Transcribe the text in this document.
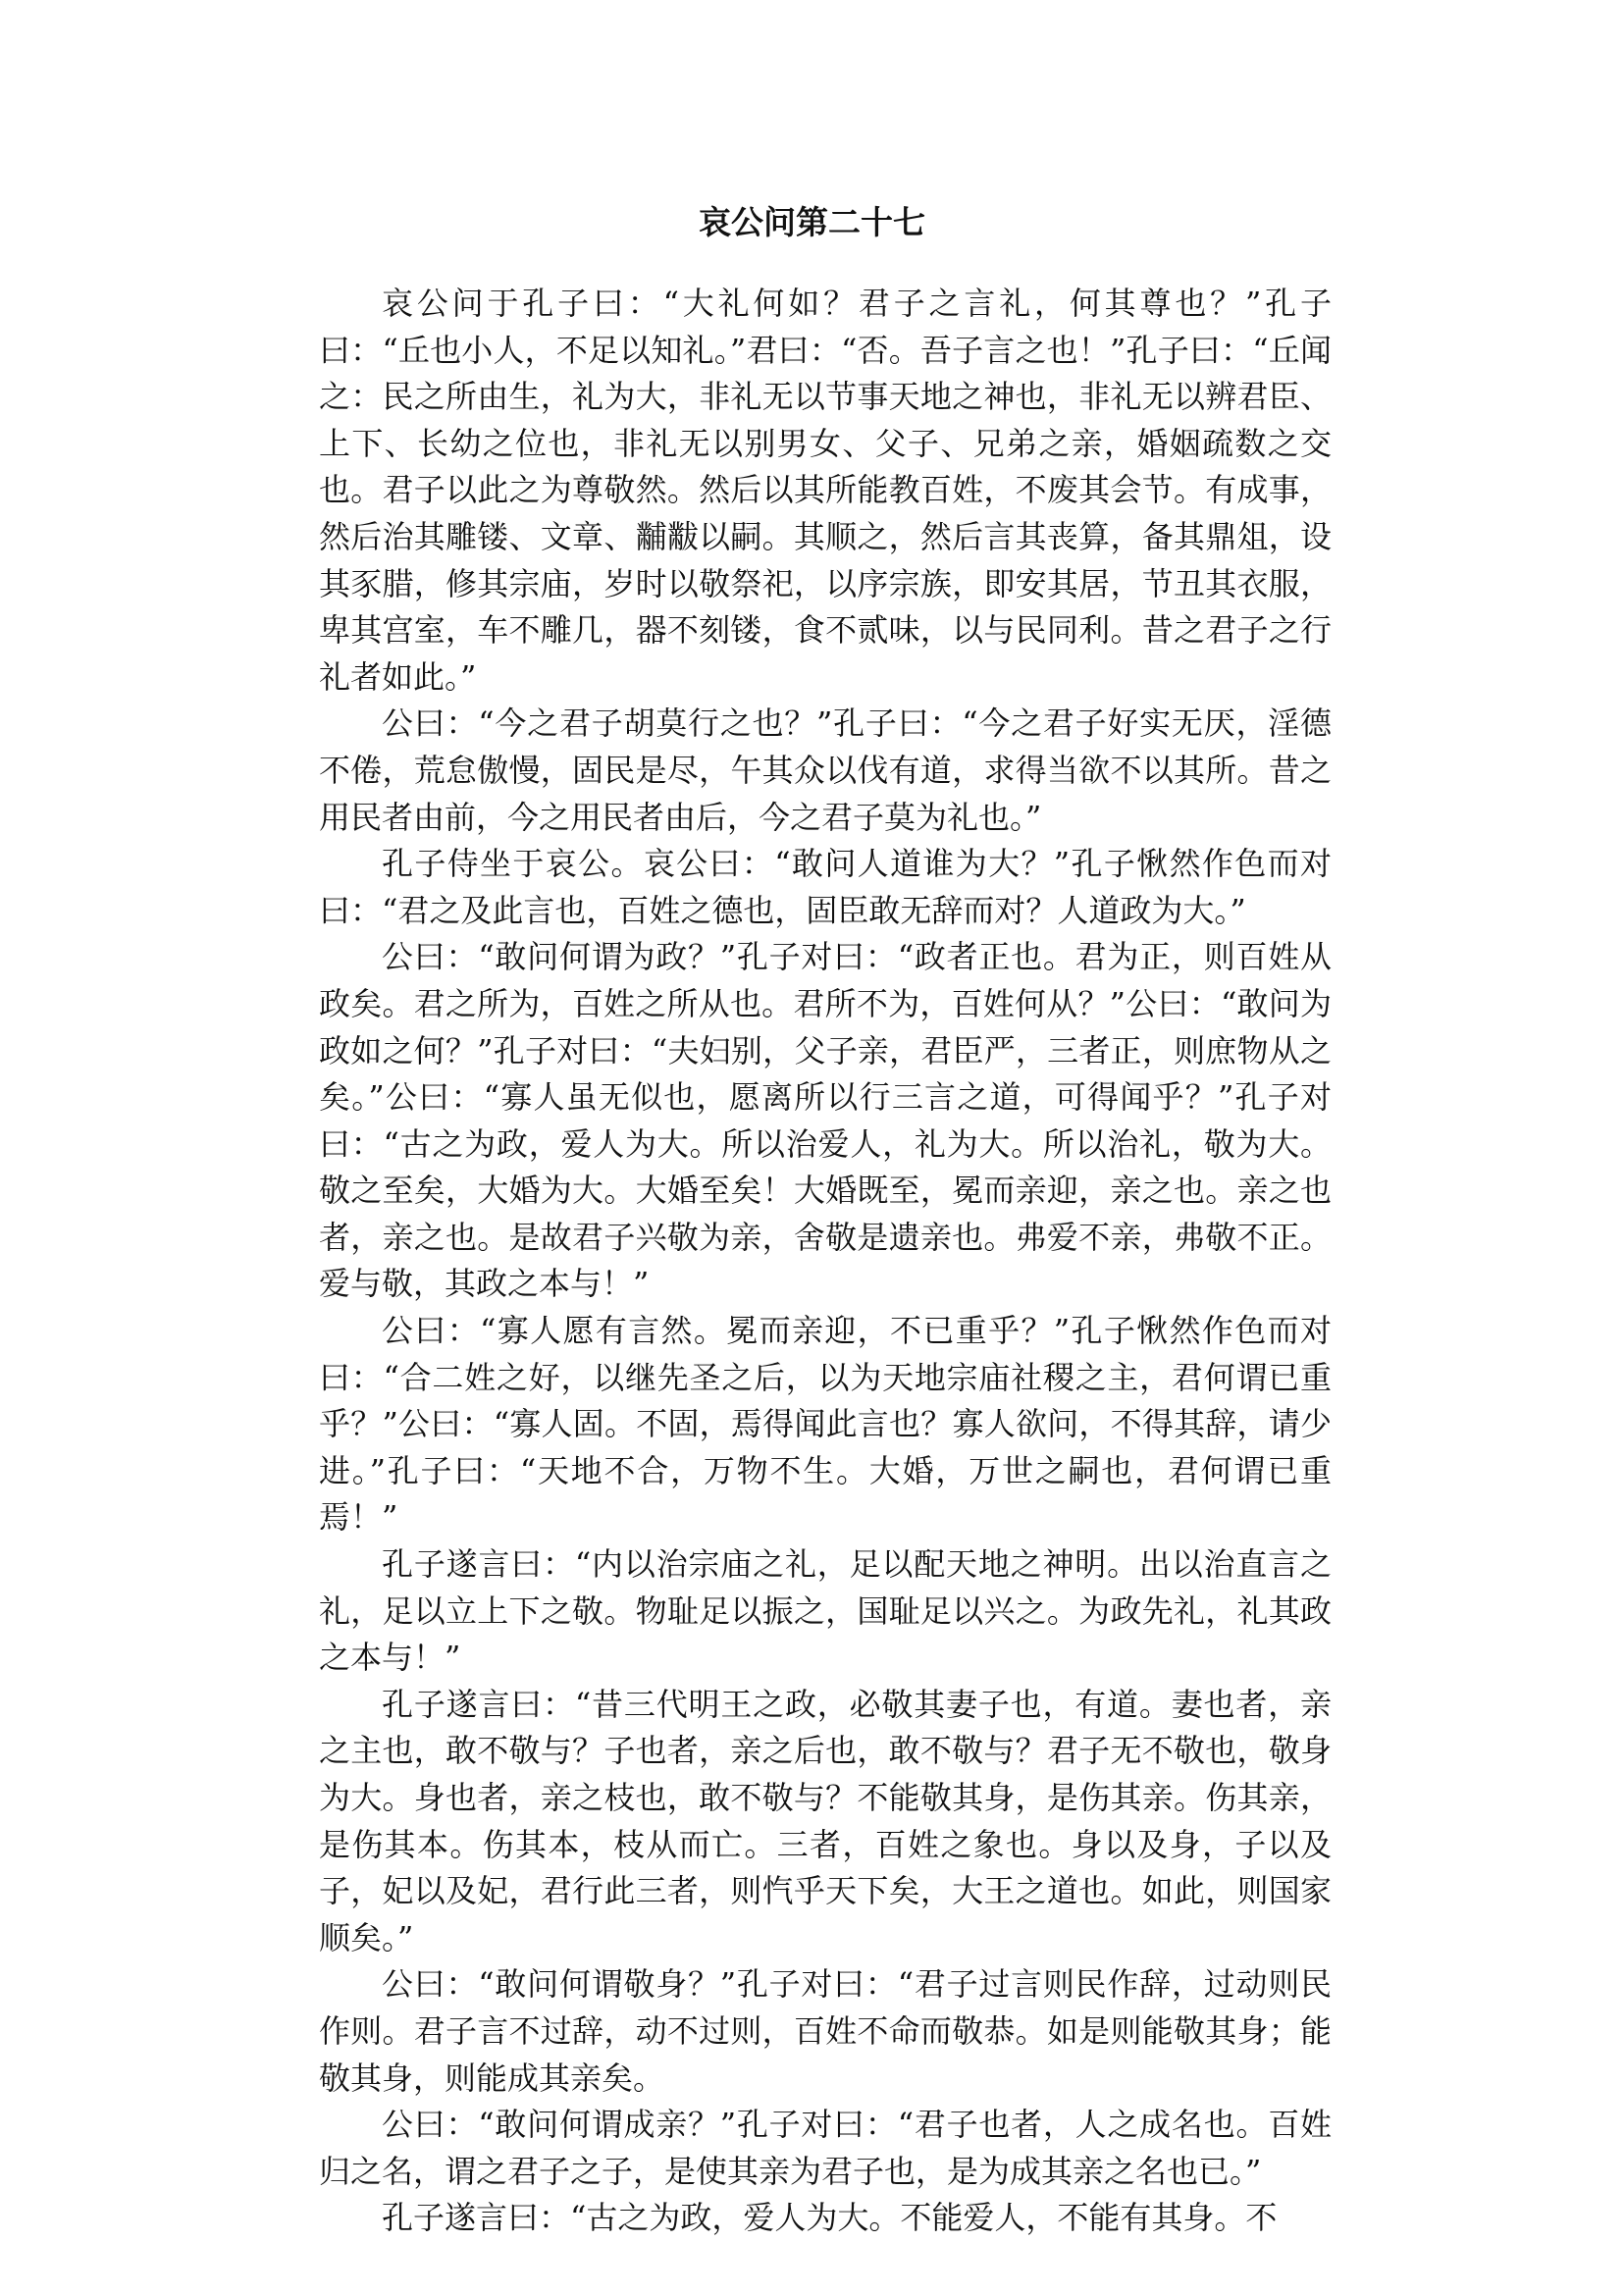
哀公问第二十七

哀公问于孔子曰：“大礼何如？君子之言礼，何其尊也？”孔子曰：“丘也小人，不足以知礼。”君曰：“否。吾子言之也！”孔子曰：“丘闻之：民之所由生，礼为大，非礼无以节事天地之神也，非礼无以辨君臣、上下、长幼之位也，非礼无以别男女、父子、兄弟之亲，婚姻疏数之交也。君子以此之为尊敬然。然后以其所能教百姓，不废其会节。有成事，然后治其雕镂、文章、黼黻以嗣。其顺之，然后言其丧算，备其鼎俎，设其豕腊，修其宗庙，岁时以敬祭祀，以序宗族，即安其居，节丑其衣服，卑其宫室，车不雕几，器不刻镂，食不贰味，以与民同利。昔之君子之行礼者如此。”

公曰：“今之君子胡莫行之也？”孔子曰：“今之君子好实无厌，淫德不倦，荒怠傲慢，固民是尽，午其众以伐有道，求得当欲不以其所。昔之用民者由前，今之用民者由后，今之君子莫为礼也。”

孔子侍坐于哀公。哀公曰：“敢问人道谁为大？”孔子愀然作色而对曰：“君之及此言也，百姓之德也，固臣敢无辞而对？人道政为大。”

公曰：“敢问何谓为政？”孔子对曰：“政者正也。君为正，则百姓从政矣。君之所为，百姓之所从也。君所不为，百姓何从？”公曰：“敢问为政如之何？”孔子对曰：“夫妇别，父子亲，君臣严，三者正，则庶物从之矣。”公曰：“寡人虽无似也，愿离所以行三言之道，可得闻乎？”孔子对曰：“古之为政，爱人为大。所以治爱人，礼为大。所以治礼，敬为大。敬之至矣，大婚为大。大婚至矣！大婚既至，冕而亲迎，亲之也。亲之也者，亲之也。是故君子兴敬为亲，舍敬是遗亲也。弗爱不亲，弗敬不正。爱与敬，其政之本与！”

公曰：“寡人愿有言然。冕而亲迎，不已重乎？”孔子愀然作色而对曰：“合二姓之好，以继先圣之后，以为天地宗庙社稷之主，君何谓已重乎？”公曰：“寡人固。不固，焉得闻此言也？寡人欲问，不得其辞，请少进。”孔子曰：“天地不合，万物不生。大婚，万世之嗣也，君何谓已重焉！”

孔子遂言曰：“内以治宗庙之礼，足以配天地之神明。出以治直言之礼，足以立上下之敬。物耻足以振之，国耻足以兴之。为政先礼，礼其政之本与！”

孔子遂言曰：“昔三代明王之政，必敬其妻子也，有道。妻也者，亲之主也，敢不敬与？子也者，亲之后也，敢不敬与？君子无不敬也，敬身为大。身也者，亲之枝也，敢不敬与？不能敬其身，是伤其亲。伤其亲，是伤其本。伤其本，枝从而亡。三者，百姓之象也。身以及身，子以及子，妃以及妃，君行此三者，则忾乎天下矣，大王之道也。如此，则国家顺矣。”

公曰：“敢问何谓敬身？”孔子对曰：“君子过言则民作辞，过动则民作则。君子言不过辞，动不过则，百姓不命而敬恭。如是则能敬其身；能敬其身，则能成其亲矣。

公曰：“敢问何谓成亲？”孔子对曰：“君子也者，人之成名也。百姓归之名，谓之君子之子，是使其亲为君子也，是为成其亲之名也已。”

孔子遂言曰：“古之为政，爱人为大。不能爱人，不能有其身。不
